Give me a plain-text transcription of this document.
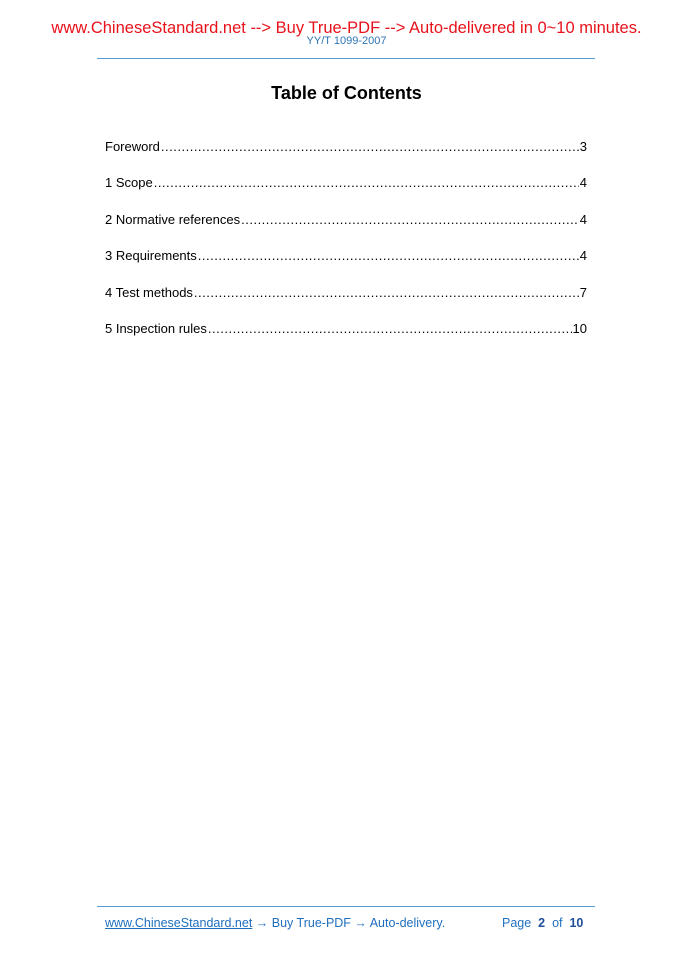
www.ChineseStandard.net --> Buy True-PDF --> Auto-delivered in 0~10 minutes.
YY/T 1099-2007
Table of Contents
Foreword .....	3
1 Scope .....	4
2 Normative references .....	4
3 Requirements .....	4
4 Test methods .....	7
5 Inspection rules .....	10
www.ChineseStandard.net → Buy True-PDF → Auto-delivery.	Page 2 of 10
